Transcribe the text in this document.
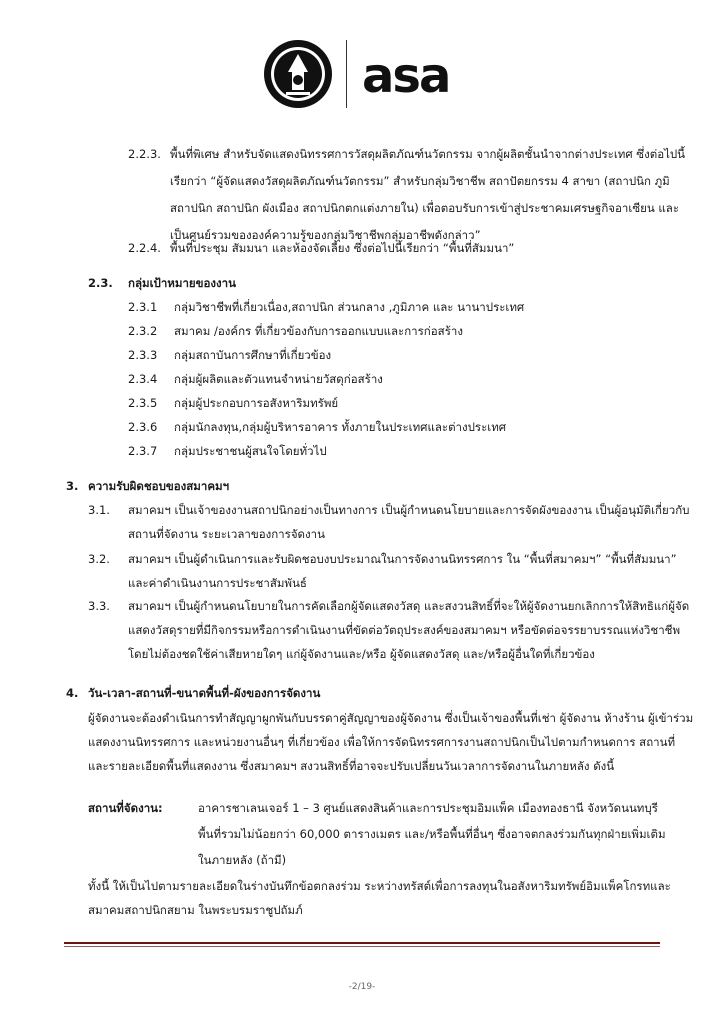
asa
2.2.3. พื้นที่พิเศษ สำหรับจัดแสดงนิทรรศการวัสดุผลิตภัณฑ์นวัตกรรม จากผู้ผลิตชั้นนำจากต่างประเทศ ซึ่งต่อไปนี้
เรียกว่า “ผู้จัดแสดงวัสดุผลิตภัณฑ์นวัตกรรม” สำหรับกลุ่มวิชาชีพ สถาปัตยกรรม 4 สาขา (สถาปนิก ภูมิ
สถาปนิก สถาปนิก ผังเมือง สถาปนิกตกแต่งภายใน) เพื่อตอบรับการเข้าสู่ประชาคมเศรษฐกิจอาเซียน และ
เป็นศูนย์รวมขององค์ความรู้ของกลุ่มวิชาชีพกลุ่มอาชีพดังกล่าว”
2.2.4. พื้นที่ประชุม สัมมนา และห้องจัดเลี้ยง ซึ่งต่อไปนี้เรียกว่า “พื้นที่สัมมนา”
2.3. กลุ่มเป้าหมายของงาน
2.3.1 กลุ่มวิชาชีพที่เกี่ยวเนื่อง,สถาปนิก ส่วนกลาง ,ภูมิภาค และ นานาประเทศ
2.3.2 สมาคม /องค์กร ที่เกี่ยวข้องกับการออกแบบและการก่อสร้าง
2.3.3 กลุ่มสถาบันการศึกษาที่เกี่ยวข้อง
2.3.4 กลุ่มผู้ผลิตและตัวแทนจำหน่ายวัสดุก่อสร้าง
2.3.5 กลุ่มผู้ประกอบการอสังหาริมทรัพย์
2.3.6 กลุ่มนักลงทุน,กลุ่มผู้บริหารอาคาร ทั้งภายในประเทศและต่างประเทศ
2.3.7 กลุ่มประชาชนผู้สนใจโดยทั่วไป
3. ความรับผิดชอบของสมาคมฯ
3.1. สมาคมฯ เป็นเจ้าของงานสถาปนิกอย่างเป็นทางการ เป็นผู้กำหนดนโยบายและการจัดผังของงาน เป็นผู้อนุมัติเกี่ยวกับ
สถานที่จัดงาน ระยะเวลาของการจัดงาน
3.2. สมาคมฯ เป็นผู้ดำเนินการและรับผิดชอบงบประมาณในการจัดงานนิทรรศการ ใน “พื้นที่สมาคมฯ” “พื้นที่สัมมนา”
และค่าดำเนินงานการประชาสัมพันธ์
3.3. สมาคมฯ เป็นผู้กำหนดนโยบายในการคัดเลือกผู้จัดแสดงวัสดุ และสงวนสิทธิ์ที่จะให้ผู้จัดงานยกเลิกการให้สิทธิแก่ผู้จัด
แสดงวัสดุรายที่มีกิจกรรมหรือการดำเนินงานที่ขัดต่อวัตถุประสงค์ของสมาคมฯ หรือขัดต่อจรรยาบรรณแห่งวิชาชีพ
โดยไม่ต้องชดใช้ค่าเสียหายใดๆ แก่ผู้จัดงานและ/หรือ ผู้จัดแสดงวัสดุ และ/หรือผู้อื่นใดที่เกี่ยวข้อง
4. วัน-เวลา-สถานที่-ขนาดพื้นที่-ผังของการจัดงาน
ผู้จัดงานจะต้องดำเนินการทำสัญญาผูกพันกับบรรดาคู่สัญญาของผู้จัดงาน ซึ่งเป็นเจ้าของพื้นที่เช่า ผู้จัดงาน ห้างร้าน ผู้เข้าร่วม
แสดงงานนิทรรศการ และหน่วยงานอื่นๆ ที่เกี่ยวข้อง เพื่อให้การจัดนิทรรศการงานสถาปนิกเป็นไปตามกำหนดการ สถานที่
และรายละเอียดพื้นที่แสดงงาน ซึ่งสมาคมฯ สงวนสิทธิ์ที่อาจจะปรับเปลี่ยนวันเวลาการจัดงานในภายหลัง ดังนี้
สถานที่จัดงาน:	อาคารชาเลนเจอร์ 1 – 3 ศูนย์แสดงสินค้าและการประชุมอิมแพ็ค เมืองทองธานี จังหวัดนนทบุรี
พื้นที่รวมไม่น้อยกว่า 60,000 ตารางเมตร และ/หรือพื้นที่อื่นๆ ซึ่งอาจตกลงร่วมกันทุกฝ่ายเพิ่มเติม
ในภายหลัง (ถ้ามี)
ทั้งนี้ ให้เป็นไปตามรายละเอียดในร่างบันทึกข้อตกลงร่วม ระหว่างทรัสต์เพื่อการลงทุนในอสังหาริมทรัพย์อิมแพ็คโกรทและ
สมาคมสถาปนิกสยาม ในพระบรมราชูปถัมภ์
-2/19-
